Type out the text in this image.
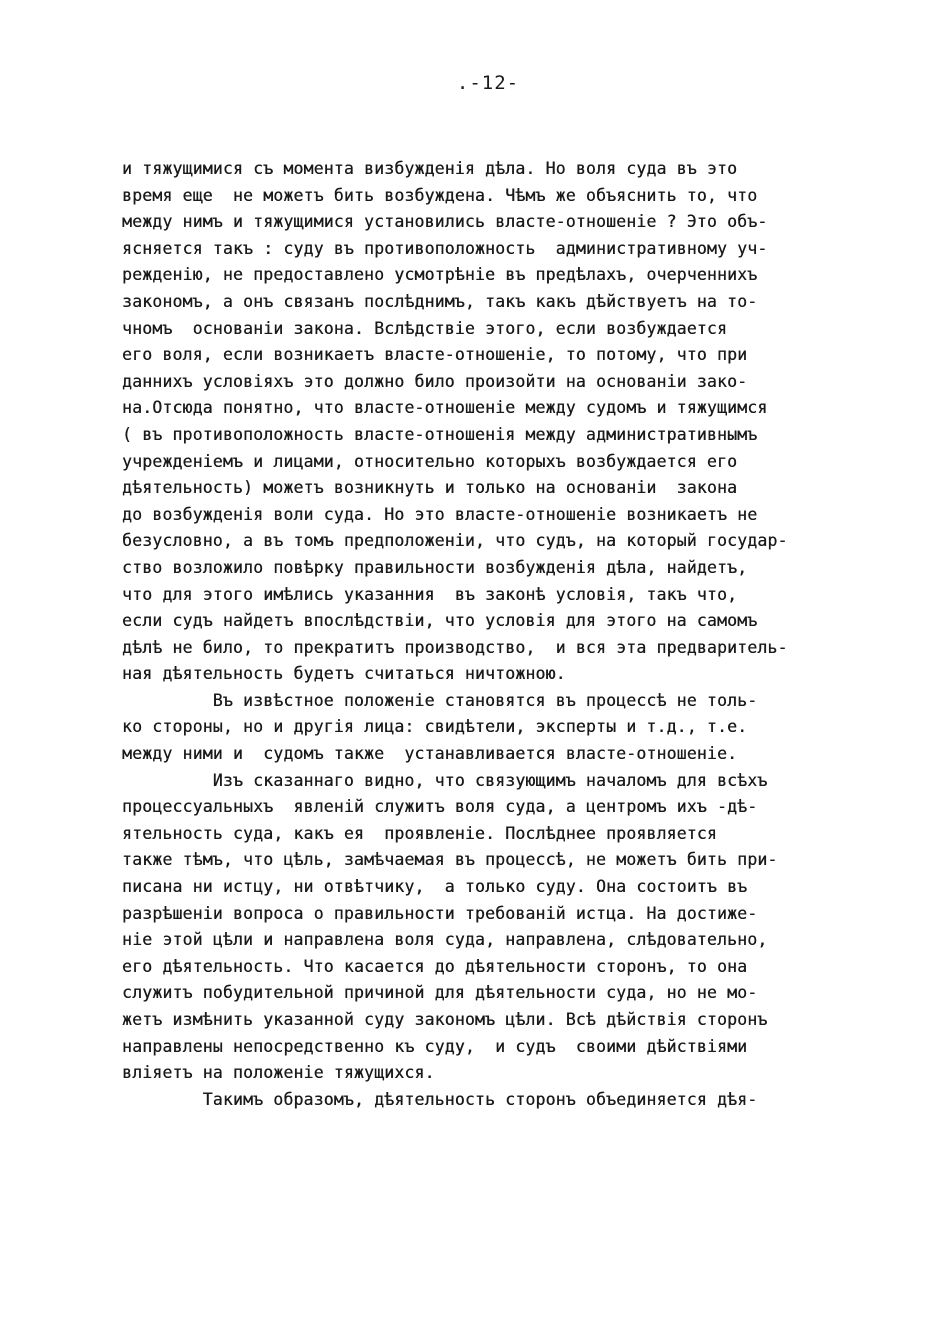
.-12-
и тяжущимися съ момента визбужденія дѣла. Но воля суда въ это
время еще  не можетъ бить возбуждена. Чѣмъ же объяснить то, что
между нимъ и тяжущимися установились власте-отношеніе ? Это объ-
ясняется такъ : суду въ противоположность  административному уч-
режденію, не предоставлено усмотрѣніе въ предѣлахъ, очерченнихъ
закономъ, а онъ связанъ послѣднимъ, такъ какъ дѣйствуетъ на то-
чномъ  основаніи закона. Вслѣдствіе этого, если возбуждается
его воля, если возникаетъ власте-отношеніе, то потому, что при
даннихъ условіяхъ это должно било произойти на основаніи зако-
на.Отсюда понятно, что власте-отношеніе между судомъ и тяжущимся
( въ противоположность власте-отношенія между административнымъ
учрежденіемъ и лицами, относительно которыхъ возбуждается его
дѣятельность) можетъ возникнуть и только на основаніи  закона
до возбужденія воли суда. Но это власте-отношеніе возникаетъ не
безусловно, а въ томъ предположеніи, что судъ, на который государ-
ство возложило повѣрку правильности возбужденія дѣла, найдетъ,
что для этого имѣлись указанния  въ законѣ условія, такъ что,
если судъ найдетъ впослѣдствіи, что условія для этого на самомъ
дѣлѣ не било, то прекратитъ производство,  и вся эта предваритель-
ная дѣятельность будетъ считаться ничтожною.
Въ извѣстное положеніе становятся въ процессѣ не толь-
ко стороны, но и другія лица: свидѣтели, эксперты и т.д., т.е.
между ними и  судомъ также  устанавливается власте-отношеніе.
Изъ сказаннаго видно, что связующимъ началомъ для всѣхъ
процессуальныхъ  явленій служитъ воля суда, а центромъ ихъ -дѣ-
ятельность суда, какъ ея  проявленіе. Послѣднее проявляется
также тѣмъ, что цѣль, замѣчаемая въ процессѣ, не можетъ бить при-
писана ни истцу, ни отвѣтчику,  а только суду. Она состоитъ въ
разрѣшеніи вопроса о правильности требованій истца. На достиже-
ніе этой цѣли и направлена воля суда, направлена, слѣдовательно,
его дѣятельность. Что касается до дѣятельности сторонъ, то она
служитъ побудительной причиной для дѣятельности суда, но не мо-
жетъ измѣнить указанной суду закономъ цѣли. Всѣ дѣйствія сторонъ
направлены непосредственно къ суду,  и судъ  своими дѣйствіями
вліяетъ на положеніе тяжущихся.
Такимъ образомъ, дѣятельность сторонъ объединяется дѣя-
